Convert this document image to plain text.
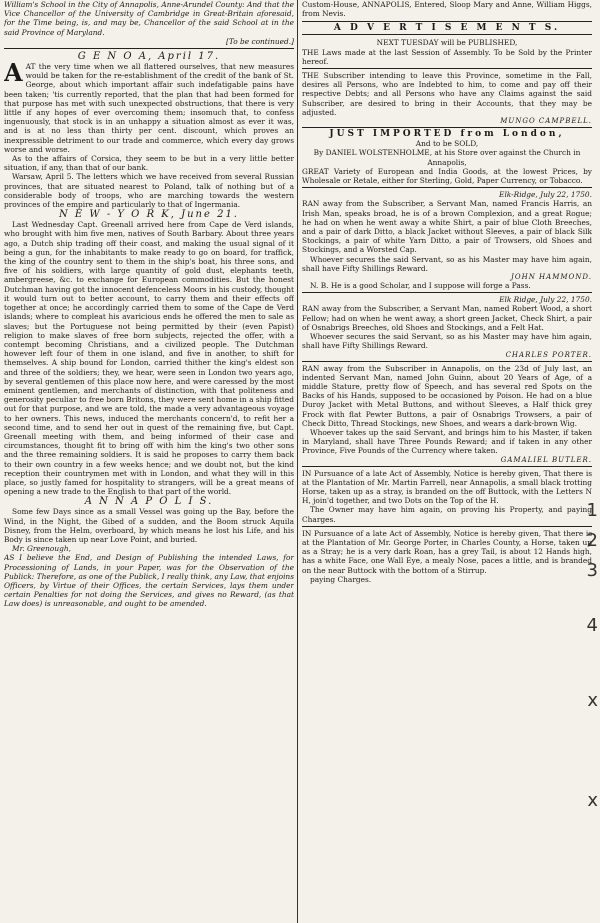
William's School in the City of Annapolis, Anne-Arundel County: And that the Vice Chancellor of the University of Cambridge in Great-Britain aforesaid, for the Time being, is, and may be, Chancellor of the said School at in the said Province of Maryland.

[To be continued.]

G E N O A, April 17.

AAT the very time when we all flattered ourselves, that new measures would be taken for the re-establishment of the credit of the bank of St. George, about which important affair such indefatigable pains have been taken; 'tis currently reported, that the plan that had been formed for that purpose has met with such unexpected obstructions, that there is very little if any hopes of ever overcoming them; insomuch that, to confess ingenuously, that stock is in an unhappy a situation almost as ever it was, and is at no less than thirty per cent. discount, which proves an inexpressible detriment to our trade and commerce, which every day grows worse and worse.

As to the affairs of Corsica, they seem to be but in a very little better situation, if any, than that of our bank.

Warsaw, April 5. The letters which we have received from several Russian provinces, that are situated nearest to Poland, talk of nothing but of a considerable body of troops, who are marching towards the western provinces of the empire and particularly to that of Ingermania.

N E W - Y O R K, June 21.

Last Wednesday Capt. Greenall arrived here from Cape de Verd islands, who brought with him five men, natives of South Barbary. About three years ago, a Dutch ship trading off their coast, and making the usual signal of it being a gun, for the inhabitants to make ready to go on board, for traffick, the king of the country sent to them in the ship's boat, his three sons, and five of his soldiers, with large quantity of gold dust, elephants teeth, ambergreese, &c. to exchange for European commodities. But the honest Dutchman having got the innocent defenceless Moors in his custody, thought it would turn out to better account, to carry them and their effects off together at once; he accordingly carried them to some of the Cape de Verd islands; where to compleat his avaricious ends he offered the men to sale as slaves; but the Portuguese not being permitted by their (even Papist) religion to make slaves of free born subjects, rejected the offer, with a contempt becoming Christians, and a civilized people. The Dutchman however left four of them in one island, and five in another, to shift for themselves. A ship bound for London, carried thither the king's eldest son and three of the soldiers; they, we hear, were seen in London two years ago, by several gentlemen of this place now here, and were caressed by the most eminent gentlemen, and merchants of distinction, with that politeness and generosity peculiar to free born Britons, they were sent home in a ship fitted out for that purpose, and we are told, the made a very advantageous voyage to her owners. This news, induced the merchants concern'd, to refit her a second time, and to send her out in quest of the remaining five, but Capt. Greenall meeting with them, and being informed of their case and circumstances, thought fit to bring off with him the king's two other sons and the three remaining soldiers. It is said he proposes to carry them back to their own country in a few weeks hence; and we doubt not, but the kind reception their countrymen met with in London, and what they will in this place, so justly famed for hospitality to strangers, will be a great means of opening a new trade to the English to that part of the world.

A N N A P O L I S.

Some few Days since as a small Vessel was going up the Bay, before the Wind, in the Night, the Gibed of a sudden, and the Boom struck Aquila Disney, from the Helm, overboard, by which means he lost his Life, and his Body is since taken up near Love Point, and buried.

Mr. Greenough,

AS I believe the End, and Design of Publishing the intended Laws, for Processioning of Lands, in your Paper, was for the Observation of the Publick: Therefore, as one of the Publick, I really think, any Law, that enjoins Officers, by Virtue of their Offices, the certain Services, lays them under certain Penalties for not doing the Services, and gives no Reward, (as that Law does) is unreasonable, and ought to be amended.

Custom-House, ANNAPOLIS, Entered, Sloop Mary and Anne, William Higgs, from Nevis.

A D V E R T I S E M E N T S.

NEXT TUESDAY will be PUBLISHED,

THE Laws made at the last Session of Assembly. To be Sold by the Printer hereof.

THE Subscriber intending to leave this Province, sometime in the Fall, desires all Persons, who are Indebted to him, to come and pay off their respective Debts; and all Persons who have any Claims against the said Subscriber, are desired to bring in their Accounts, that they may be adjusted.

MUNGO CAMPBELL.

JUST IMPORTED from London,

And to be SOLD,

By DANIEL WOLSTENHOLME, at his Store over against the Church in Annapolis,

GREAT Variety of European and India Goods, at the lowest Prices, by Wholesale or Retale, either for Sterling, Gold, Paper Currency, or Tobacco.

Elk-Ridge, July 22, 1750.

RAN away from the Subscriber, a Servant Man, named Francis Harris, an Irish Man, speaks broad, he is of a brown Complexion, and a great Rogue; he had on when he went away a white Shirt, a pair of blue Cloth Breeches, and a pair of dark Ditto, a black Jacket without Sleeves, a pair of black Silk Stockings, a pair of white Yarn Ditto, a pair of Trowsers, old Shoes and Stockings, and a Worsted Cap.

Whoever secures the said Servant, so as his Master may have him again, shall have Fifty Shillings Reward.

JOHN HAMMOND.

N. B. He is a good Scholar, and I suppose will forge a Pass.

Elk Ridge, July 22, 1750.

RAN away from the Subscriber, a Servant Man, named Robert Wood, a short Fellow; had on when he went away, a short green Jacket, Check Shirt, a pair of Osnabrigs Breeches, old Shoes and Stockings, and a Felt Hat.

Whoever secures the said Servant, so as his Master may have him again, shall have Fifty Shillings Reward.

CHARLES PORTER.

RAN away from the Subscriber in Annapolis, on the 23d of July last, an indented Servant Man, named John Guinn, about 20 Years of Age, of a middle Stature, pretty flow of Speech, and has several red Spots on the Backs of his Hands, supposed to be occasioned by Poison. He had on a blue Duroy Jacket with Metal Buttons, and without Sleeves, a Half thick grey Frock with flat Pewter Buttons, a pair of Osnabrigs Trowsers, a pair of Check Ditto, Thread Stockings, new Shoes, and wears a dark-brown Wig.

Whoever takes up the said Servant, and brings him to his Master, if taken in Maryland, shall have Three Pounds Reward; and if taken in any other Province, Five Pounds of the Currency where taken.

GAMALIEL BUTLER.

IN Pursuance of a late Act of Assembly, Notice is hereby given, That there is at the Plantation of Mr. Martin Farrell, near Annapolis, a small black trotting Horse, taken up as a stray, is branded on the off Buttock, with the Letters N H, join'd together, and two Dots on the Top of the H.

The Owner may have him again, on proving his Property, and paying Charges.

IN Pursuance of a late Act of Assembly, Notice is hereby given, That there is at the Plantation of Mr. George Porter, in Charles County, a Horse, taken up as a Stray; he is a very dark Roan, has a grey Tail, is about 12 Hands high, has a white Face, one Wall Eye, a mealy Nose, paces a little, and is branded on the near Buttock with the bottom of a Stirrup.

paying Charges.

1
2
3
4
x
x
